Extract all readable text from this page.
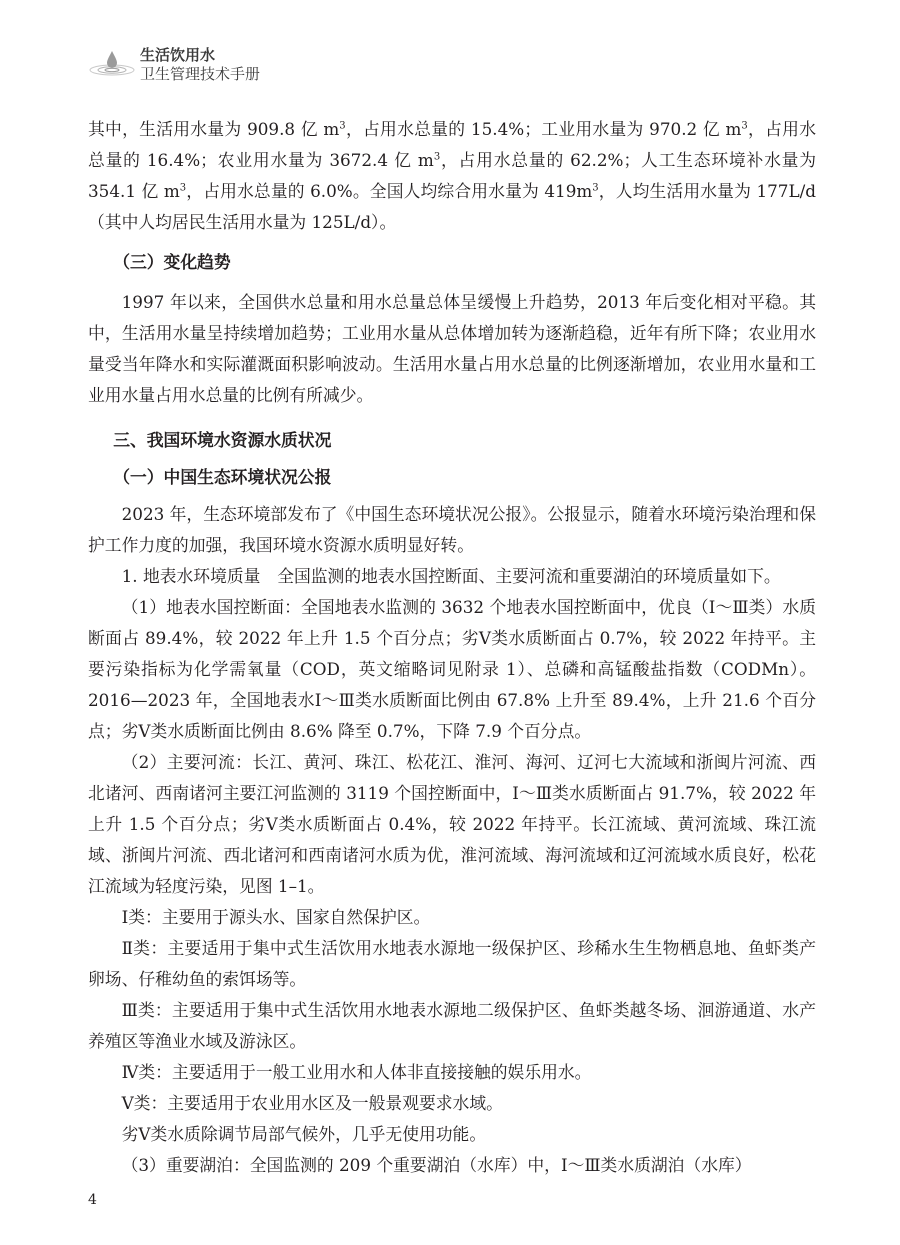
生活饮用水
卫生管理技术手册

其中，生活用水量为 909.8 亿 $m^3$，占用水总量的 15.4%；工业用水量为 970.2 亿 $m^3$，占用水总量的 16.4%；农业用水量为 3672.4 亿 $m^3$，占用水总量的 62.2%；人工生态环境补水量为 354.1 亿 $m^3$，占用水总量的 6.0%。全国人均综合用水量为 $419m^3$，人均生活用水量为 177L/d（其中人均居民生活用水量为 125L/d）。

（三）变化趋势

1997 年以来，全国供水总量和用水总量总体呈缓慢上升趋势，2013 年后变化相对平稳。其中，生活用水量呈持续增加趋势；工业用水量从总体增加转为逐渐趋稳，近年有所下降；农业用水量受当年降水和实际灌溉面积影响波动。生活用水量占用水总量的比例逐渐增加，农业用水量和工业用水量占用水总量的比例有所减少。

三、我国环境水资源水质状况
（一）中国生态环境状况公报

2023 年，生态环境部发布了《中国生态环境状况公报》。公报显示，随着水环境污染治理和保护工作力度的加强，我国环境水资源水质明显好转。

1. 地表水环境质量　全国监测的地表水国控断面、主要河流和重要湖泊的环境质量如下。

（1）地表水国控断面：全国地表水监测的 3632 个地表水国控断面中，优良（Ⅰ～Ⅲ类）水质断面占 89.4%，较 2022 年上升 1.5 个百分点；劣Ⅴ类水质断面占 0.7%，较 2022 年持平。主要污染指标为化学需氧量（COD，英文缩略词见附录 1）、总磷和高锰酸盐指数（CODMn）。2016—2023 年，全国地表水Ⅰ～Ⅲ类水质断面比例由 67.8% 上升至 89.4%，上升 21.6 个百分点；劣Ⅴ类水质断面比例由 8.6% 降至 0.7%，下降 7.9 个百分点。

（2）主要河流：长江、黄河、珠江、松花江、淮河、海河、辽河七大流域和浙闽片河流、西北诸河、西南诸河主要江河监测的 3119 个国控断面中，Ⅰ～Ⅲ类水质断面占 91.7%，较 2022 年上升 1.5 个百分点；劣Ⅴ类水质断面占 0.4%，较 2022 年持平。长江流域、黄河流域、珠江流域、浙闽片河流、西北诸河和西南诸河水质为优，淮河流域、海河流域和辽河流域水质良好，松花江流域为轻度污染，见图 1–1。

Ⅰ类：主要用于源头水、国家自然保护区。

Ⅱ类：主要适用于集中式生活饮用水地表水源地一级保护区、珍稀水生生物栖息地、鱼虾类产卵场、仔稚幼鱼的索饵场等。

Ⅲ类：主要适用于集中式生活饮用水地表水源地二级保护区、鱼虾类越冬场、洄游通道、水产养殖区等渔业水域及游泳区。

Ⅳ类：主要适用于一般工业用水和人体非直接接触的娱乐用水。

Ⅴ类：主要适用于农业用水区及一般景观要求水域。

劣Ⅴ类水质除调节局部气候外，几乎无使用功能。

（3）重要湖泊：全国监测的 209 个重要湖泊（水库）中，Ⅰ～Ⅲ类水质湖泊（水库）

4
